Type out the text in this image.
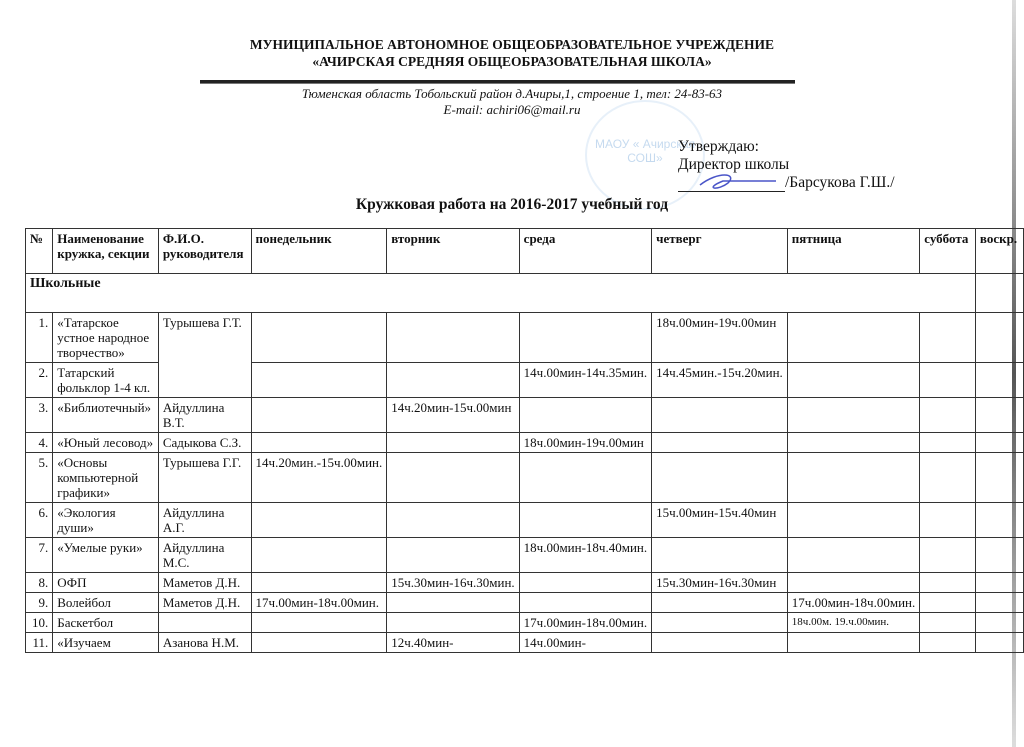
МУНИЦИПАЛЬНОЕ АВТОНОМНОЕ ОБЩЕОБРАЗОВАТЕЛЬНОЕ УЧРЕЖДЕНИЕ
«АЧИРСКАЯ СРЕДНЯЯ ОБЩЕОБРАЗОВАТЕЛЬНАЯ ШКОЛА»
Тюменская область Тобольский район д.Ачиры,1, строение 1, тел: 24-83-63
E-mail: achiri06@mail.ru
МАОУ « Ачирская СОШ»
Утверждаю:
Директор школы
/Барсукова Г.Ш./
Кружковая работа на 2016-2017 учебный год
№	Наименование кружка, секции	Ф.И.О. руководителя	понедельник	вторник	среда	четверг	пятница	суббота	воскр.
Школьные									
1.	«Татарское устное народное творчество»	Турышева Г.Т.				18ч.00мин-19ч.00мин			
2.	Татарский фольклор 1-4 кл.				14ч.00мин-14ч.35мин.	14ч.45мин.-15ч.20мин.			
3.	«Библиотечный»	Айдуллина В.Т.		14ч.20мин-15ч.00мин					
4.	«Юный лесовод»	Садыкова С.З.			18ч.00мин-19ч.00мин				
5.	«Основы компьютерной графики»	Турышева Г.Г.	14ч.20мин.-15ч.00мин.						
6.	«Экология души»	Айдуллина А.Г.				15ч.00мин-15ч.40мин			
7.	«Умелые руки»	Айдуллина М.С.			18ч.00мин-18ч.40мин.				
8.	ОФП	Маметов Д.Н.		15ч.30мин-16ч.30мин.		15ч.30мин-16ч.30мин			
9.	Волейбол	Маметов Д.Н.	17ч.00мин-18ч.00мин.				17ч.00мин-18ч.00мин.		
10.	Баскетбол				17ч.00мин-18ч.00мин.		18ч.00м. 19.ч.00мин.		
11.	«Изучаем	Азанова Н.М.		12ч.40мин-	14ч.00мин-				
